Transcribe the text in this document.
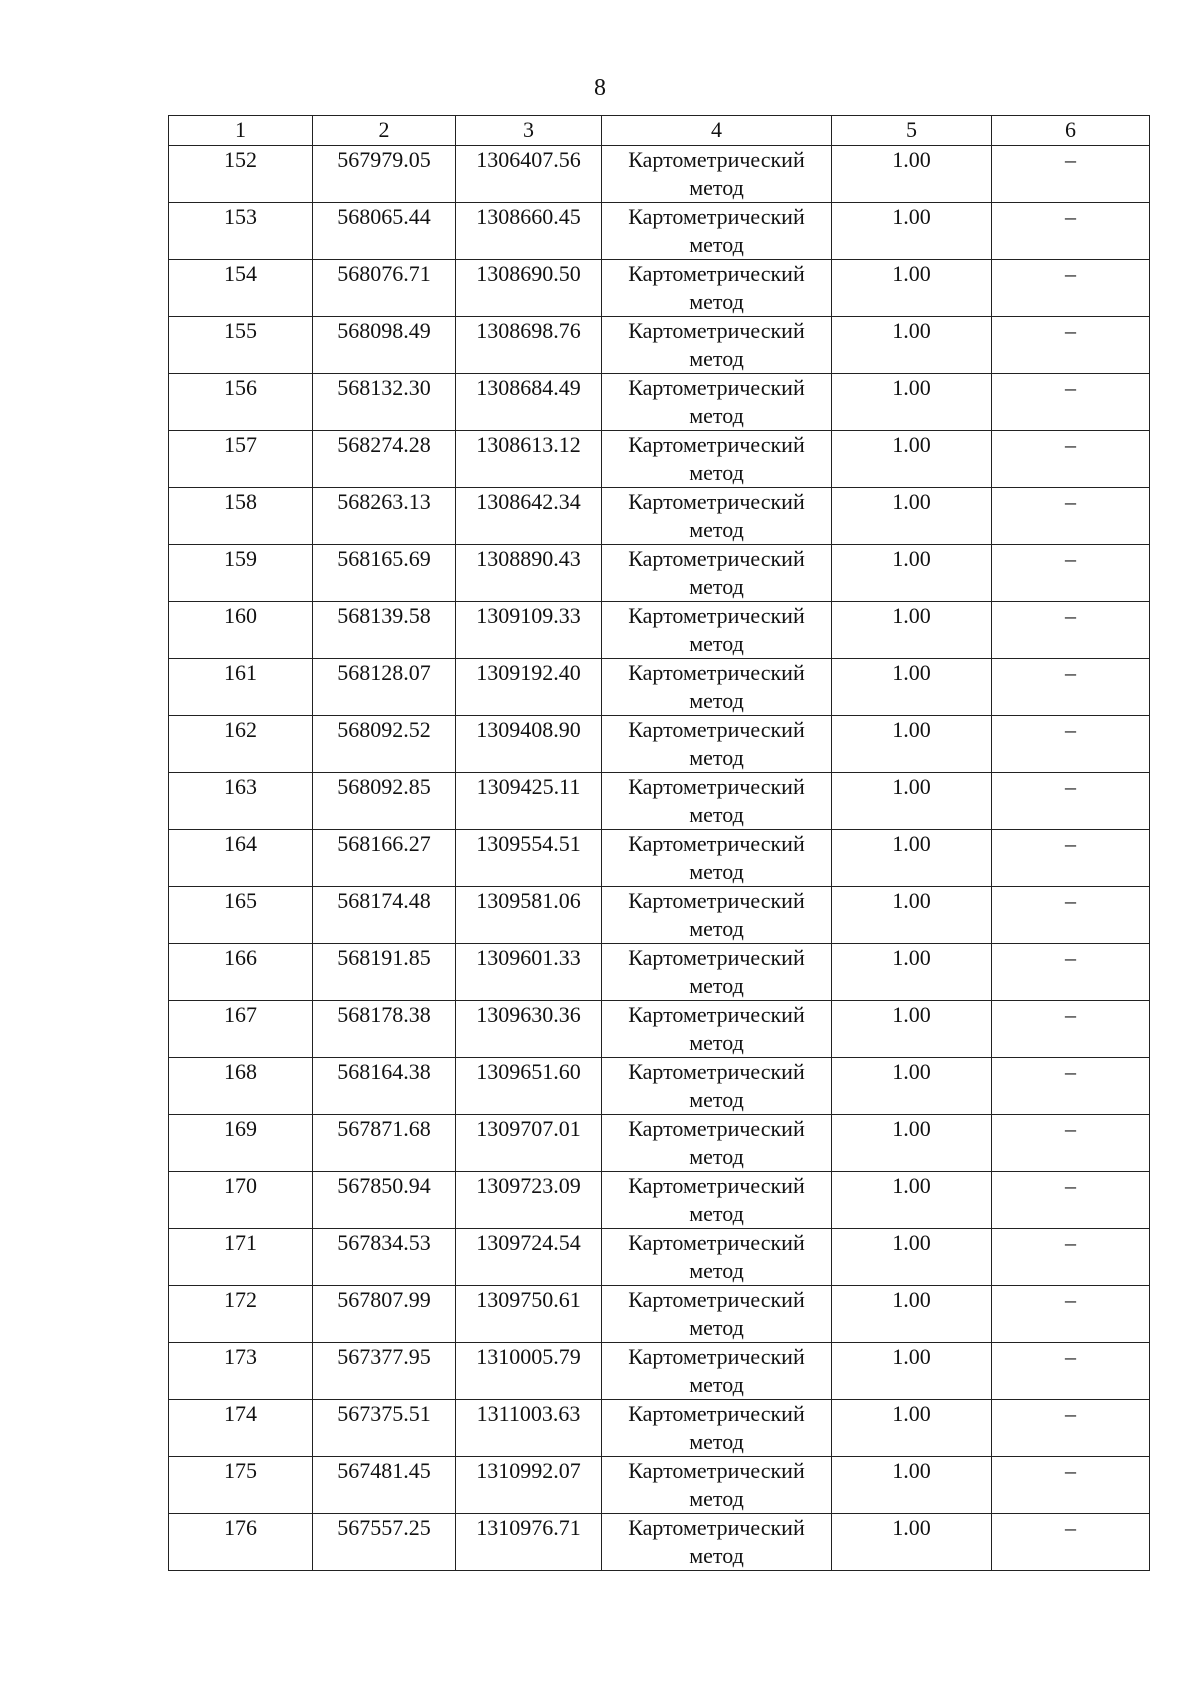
8
1	2	3	4	5	6
152	567979.05	1306407.56	Картометрический метод	1.00	–
153	568065.44	1308660.45	Картометрический метод	1.00	–
154	568076.71	1308690.50	Картометрический метод	1.00	–
155	568098.49	1308698.76	Картометрический метод	1.00	–
156	568132.30	1308684.49	Картометрический метод	1.00	–
157	568274.28	1308613.12	Картометрический метод	1.00	–
158	568263.13	1308642.34	Картометрический метод	1.00	–
159	568165.69	1308890.43	Картометрический метод	1.00	–
160	568139.58	1309109.33	Картометрический метод	1.00	–
161	568128.07	1309192.40	Картометрический метод	1.00	–
162	568092.52	1309408.90	Картометрический метод	1.00	–
163	568092.85	1309425.11	Картометрический метод	1.00	–
164	568166.27	1309554.51	Картометрический метод	1.00	–
165	568174.48	1309581.06	Картометрический метод	1.00	–
166	568191.85	1309601.33	Картометрический метод	1.00	–
167	568178.38	1309630.36	Картометрический метод	1.00	–
168	568164.38	1309651.60	Картометрический метод	1.00	–
169	567871.68	1309707.01	Картометрический метод	1.00	–
170	567850.94	1309723.09	Картометрический метод	1.00	–
171	567834.53	1309724.54	Картометрический метод	1.00	–
172	567807.99	1309750.61	Картометрический метод	1.00	–
173	567377.95	1310005.79	Картометрический метод	1.00	–
174	567375.51	1311003.63	Картометрический метод	1.00	–
175	567481.45	1310992.07	Картометрический метод	1.00	–
176	567557.25	1310976.71	Картометрический метод	1.00	–
